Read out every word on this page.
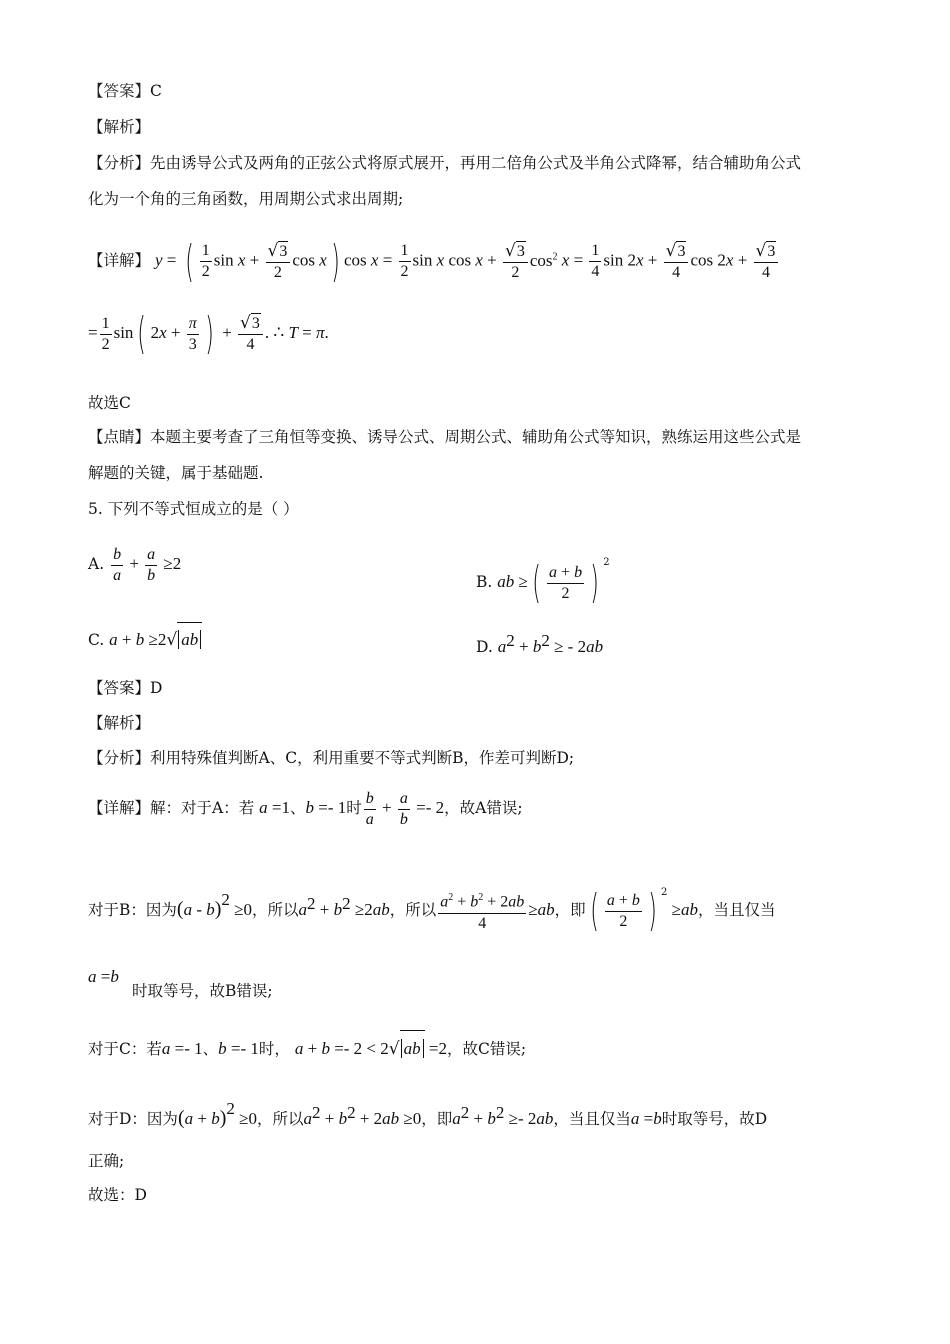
【答案】C
【解析】
【分析】先由诱导公式及两角的正弦公式将原式展开，再用二倍角公式及半角公式降幂，结合辅助角公式
化为一个角的三角函数，用周期公式求出周期;
【详解】 y = ( $\frac{1}{2}$ $\sin x + \frac{√3}{2}$ cos x) $\cos x = \frac{1}{2}$ sin x $\cos x + \frac{√3}{2} \cos^2 x = \frac{1}{4}$ $\sin 2x + \frac{√3}{4}$ $\cos 2x + \frac{√3}{4}$
= $\frac{1}{2} \sin$( $2x + \frac{\pi}{3}$ ) + $\frac{√3}{4}$ . ∴ T = π.
故选C
【点睛】本题主要考查了三角恒等变换、诱导公式、周期公式、辅助角公式等知识，熟练运用这些公式是
解题的关键，属于基础题.
5. 下列不等式恒成立的是（ ）
A. $\frac{b}{a} + \frac{a}{b} \ge 2$
B. ab ≥( $\frac{a + b}{2}$ ) $^2$
C. a + b ≥2√ ab	D. $a^2 + b^2$ ≥ - 2ab
【答案】D
【解析】
【分析】利用特殊值判断A、C，利用重要不等式判断B，作差可判断D;
【详解】解：对于A：若 a =1、b =- 1时 $\frac{b}{a} + \frac{a}{b} =- 2$，故A错误;
对于B：因为(a - b)$^2$ ≥0，所以$a^2 + b^2 \ge 2ab$，所以 $\frac{a^2 + b^2 + 2ab}{4} \ge ab$，即( $\frac{a + b}{2}$ ) $^2$ ≥ab，当且仅当
a =b
时取等号，故B错误;
对于C：若a =- 1、b =- 1时， a + b =- 2 < 2√ ab =2，故C错误;
对于D：因为$(a + b)^2 \ge 0$，所以$a^2 + b^2 + 2ab \ge 0$，即$a^2 + b^2 \ge- 2ab$，当且仅当a =b时取等号，故D
正确;
故选：D
